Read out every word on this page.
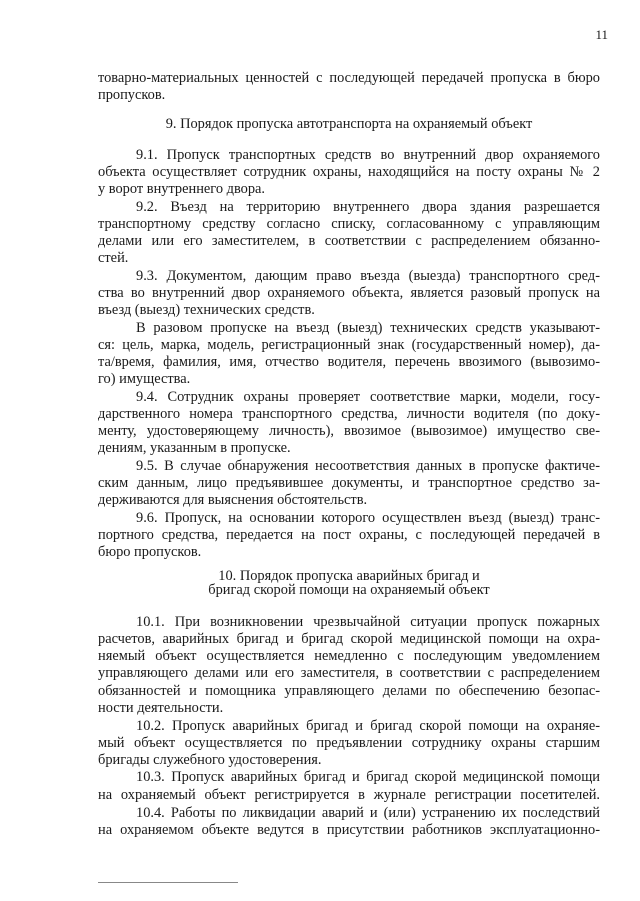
11
товарно-материальных ценностей с последующей передачей пропуска в бюро
пропусков.
9.1. Пропуск транспортных средств во внутренний двор охраняемого
объекта осуществляет сотрудник охраны, находящийся на посту охраны № 2
у ворот внутреннего двора.
9.2. Въезд на территорию внутреннего двора здания разрешается
транспортному средству согласно списку, согласованному с управляющим
делами или его заместителем, в соответствии с распределением обязанно-
стей.
9.3. Документом, дающим право въезда (выезда) транспортного сред-
ства во внутренний двор охраняемого объекта, является разовый пропуск на
въезд (выезд) технических средств.
В разовом пропуске на въезд (выезд) технических средств указывают-
ся: цель, марка, модель, регистрационный знак (государственный номер), да-
та/время, фамилия, имя, отчество водителя, перечень ввозимого (вывозимо-
го) имущества.
9.4. Сотрудник охраны проверяет соответствие марки, модели, госу-
дарственного номера транспортного средства, личности водителя (по доку-
менту, удостоверяющему личность), ввозимое (вывозимое) имущество све-
дениям, указанным в пропуске.
9.5. В случае обнаружения несоответствия данных в пропуске фактиче-
ским данным, лицо предъявившее документы, и транспортное средство за-
держиваются для выяснения обстоятельств.
9.6. Пропуск, на основании которого осуществлен въезд (выезд) транс-
портного средства, передается на пост охраны, с последующей передачей в
бюро пропусков.
10.1. При возникновении чрезвычайной ситуации пропуск пожарных
расчетов, аварийных бригад и бригад скорой медицинской помощи на охра-
няемый объект осуществляется немедленно с последующим уведомлением
управляющего делами или его заместителя, в соответствии с распределением
обязанностей и помощника управляющего делами по обеспечению безопас-
ности деятельности.
10.2. Пропуск аварийных бригад и бригад скорой помощи на охраняе-
мый объект осуществляется по предъявлении сотруднику охраны старшим
бригады служебного удостоверения.
10.3. Пропуск аварийных бригад и бригад скорой медицинской помощи
на охраняемый объект регистрируется в журнале регистрации посетителей.
10.4. Работы по ликвидации аварий и (или) устранению их последствий
на охраняемом объекте ведутся в присутствии работников эксплуатационно-
9. Порядок пропуска автотранспорта на охраняемый объект
10. Порядок пропуска аварийных бригад и
бригад скорой помощи на охраняемый объект
